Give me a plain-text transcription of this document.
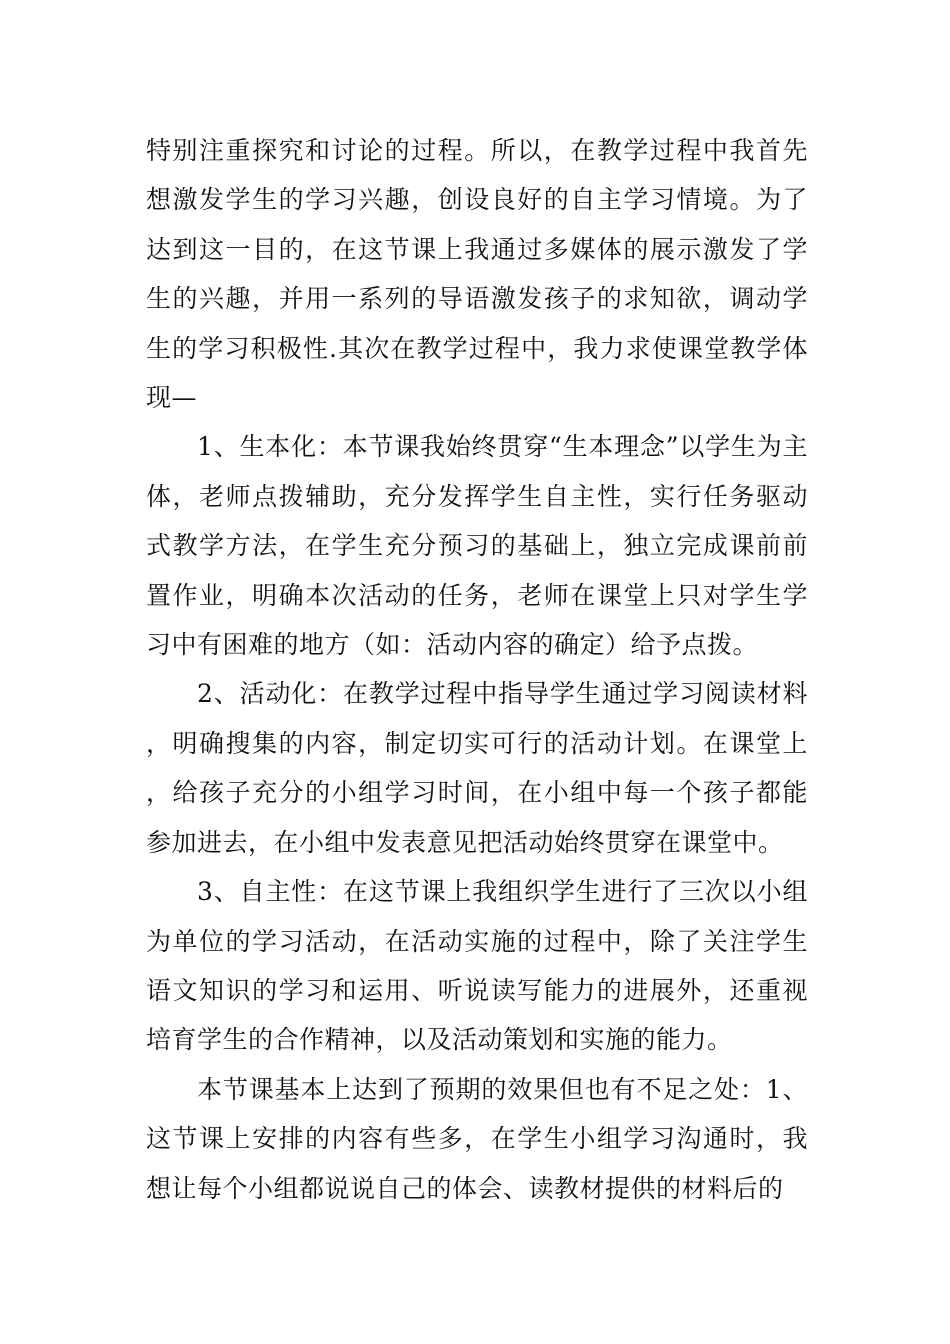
特别注重探究和讨论的过程。所以，在教学过程中我首先想激发学生的学习兴趣，创设良好的自主学习情境。为了达到这一目的，在这节课上我通过多媒体的展示激发了学生的兴趣，并用一系列的导语激发孩子的求知欲，调动学生的学习积极性.其次在教学过程中，我力求使课堂教学体现—

1、生本化：本节课我始终贯穿“生本理念”以学生为主体，老师点拨辅助，充分发挥学生自主性，实行任务驱动式教学方法，在学生充分预习的基础上，独立完成课前前置作业，明确本次活动的任务，老师在课堂上只对学生学习中有困难的地方（如：活动内容的确定）给予点拨。

2、活动化：在教学过程中指导学生通过学习阅读材料，明确搜集的内容，制定切实可行的活动计划。在课堂上，给孩子充分的小组学习时间，在小组中每一个孩子都能参加进去，在小组中发表意见把活动始终贯穿在课堂中。

3、自主性：在这节课上我组织学生进行了三次以小组为单位的学习活动，在活动实施的过程中，除了关注学生语文知识的学习和运用、听说读写能力的进展外，还重视培育学生的合作精神，以及活动策划和实施的能力。

本节课基本上达到了预期的效果但也有不足之处：1、这节课上安排的内容有些多，在学生小组学习沟通时，我想让每个小组都说说自己的体会、读教材提供的材料后的
